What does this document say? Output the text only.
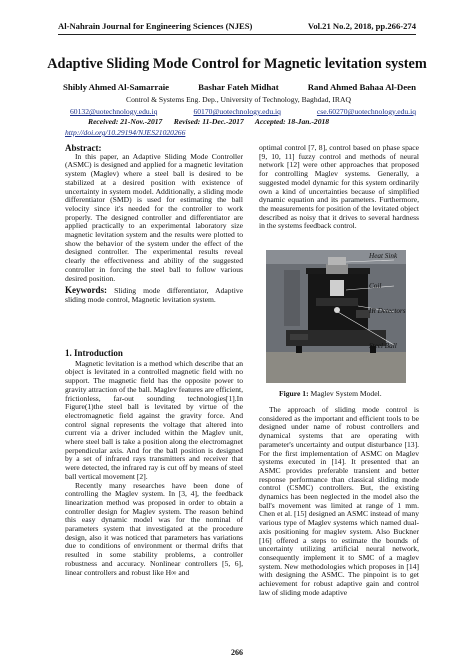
Al-Nahrain Journal for Engineering Sciences (NJES)	Vol.21 No.2, 2018, pp.266-274
Adaptive Sliding Mode Control for Magnetic levitation system
Shibly Ahmed Al-Samarraie	Bashar Fateh Midhat	Rand Ahmed Bahaa Al-Deen
Control & Systems Eng. Dep., University of Technology, Baghdad, IRAQ
60132@uotechnology.edu.iq	60170@uotechnology.edu.iq	cse.60270@uotechnology.edu.iq
Received: 21-Nov.-2017 Revised: 11-Dec.-2017 Accepted: 18-Jan.-2018
http://doi.org/10.29194/NJES21020266
Abstract:

In this paper, an Adaptive Sliding Mode Controller (ASMC) is designed and applied for a magnetic levitation system (Maglev) where a steel ball is desired to be stabilized at a desired position with existence of uncertainty in system model. Additionally, a sliding mode differentiator (SMD) is used for estimating the ball velocity since it's needed for the controller to work properly. The designed controller and differentiator are applied practically to an experimental laboratory size magnetic levitation system and the results were plotted to show the behavior of the system under the effect of the designed controller. The experimental results reveal clearly the effectiveness and ability of the suggested controller in forcing the steel ball to follow various desired position.

Keywords: Sliding mode differentiator, Adaptive sliding mode control, Magnetic levitation system.
1. Introduction

Magnetic levitation is a method which describe that an object is levitated in a controlled magnetic field with no support. The magnetic field has the opposite power to gravity attraction of the ball. Maglev features are efficient, frictionless, far-out sounding technologies[1].In Figure(1)the steel ball is levitated by virtue of the electromagnetic field against the gravity force. And control signal represents the voltage that altered into current via a driver included within the Maglev unit, where steel ball is take a position along the electromagnet perpendicular axis. And for the ball position is designed by a set of infrared rays transmitters and receiver that were detected, the infrared ray is cut off by means of steel ball vertical movement [2].

Recently many researches have been done of controlling the Maglev system. In [3, 4], the feedback linearization method was proposed in order to obtain a controller design for Maglev system. The reason behind this easy dynamic model was for the nominal of parameters system that investigated at the procedure design, also it was noticed that parameters has variations due to conditions of environment or thermal drifts that resulted in some stability problems, a controller robustness and accuracy. Nonlinear controllers [5, 6], linear controllers and robust like H∞ and

optimal control [7, 8], control based on phase space [9, 10, 11] fuzzy control and methods of neural network [12] were other approaches that proposed for controlling Maglev systems. Generally, a suggested model dynamic for this system ordinarily own a kind of uncertainties because of simplified dynamic equation and its parameters. Furthermore, the measurements for position of the levitated object described as noisy that it drives to several hardness in the systems feedback control.

Heat Sink
Coil
IR Detectors
Steel Ball
Figure 1: Maglev System Model.

The approach of sliding mode control is considered as the important and efficient tools to be designed under name of robust controllers and dynamical systems that are operating with parameter's uncertainty and output disturbance [13]. For the first implementation of ASMC on Maglev systems executed in [14]. It presented that an ASMC provides preferable transient and better response performance than classical sliding mode control (CSMC) controllers. But, the existing dynamics has been neglected in the model also the ball's movement was limited at range of 1 mm. Chen et al. [15] designed an ASMC instead of many various type of Maglev systems which named dual-axis positioning for maglev system. Also Buckner [16] offered a steps to estimate the bounds of uncertainty utilizing artificial neural network, consequently implement it to SMC of a maglev system. New methodologies which proposes in [14] with designing the ASMC. The pinpoint is to get achievement for robust adaptive gain and control law of sliding mode adaptive

266
